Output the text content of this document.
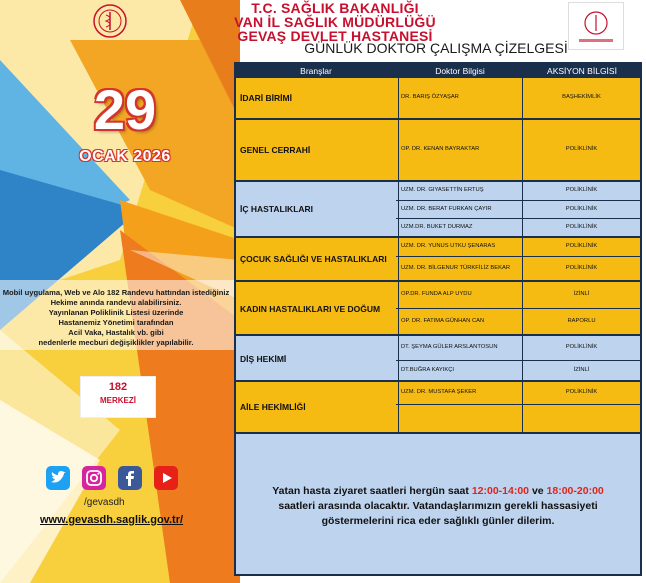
T.C. SAĞLIK BAKANLIĞI
VAN İL SAĞLIK MÜDÜRLÜĞÜ
GEVAŞ DEVLET HASTANESİ
GÜNLÜK DOKTOR ÇALIŞMA ÇİZELGESİ
29
OCAK 2026
Mobil uygulama, Web ve Alo 182 Randevu hattından istediğiniz
Hekime anında randevu alabilirsiniz.
Yayınlanan Poliklinik Listesi üzerinde
Hastanemiz Yönetimi tarafından
Acil Vaka, Hastalık vb. gibi
nedenlerle mecburi değişiklikler yapılabilir.
182
MERKEZİ
/gevasdh
www.gevasdh.saglik.gov.tr/
Branşlar	Doktor Bilgisi	AKSİYON BİLGİSİ
İDARİ BİRİMİ	DR. BARIŞ ÖZYAŞAR	BAŞHEKİMLİK
GENEL CERRAHİ	OP. DR. KENAN BAYRAKTAR	POLİKLİNİK
İÇ HASTALIKLARI
UZM. DR. GIYASETTİN ERTUŞ	POLİKLİNİK
UZM. DR. BERAT FURKAN ÇAYIR	POLİKLİNİK
UZM.DR. BUKET DURMAZ	POLİKLİNİK
ÇOCUK SAĞLIĞI VE HASTALIKLARI
UZM. DR. YUNUS UTKU ŞENARAS	POLİKLİNİK
UZM. DR. BİLGENUR TÜRKFİLİZ BEKAR	POLİKLİNİK
KADIN HASTALIKLARI VE DOĞUM
OP.DR. FUNDA ALP UYDU	İZİNLİ
OP. DR. FATIMA GÜNHAN CAN	RAPORLU
DİŞ HEKİMİ
DT. ŞEYMA GÜLER ARSLANTOSUN	POLİKLİNİK
DT.BUĞRA KAYIKÇI	İZİNLİ
AİLE HEKİMLİĞİ
UZM. DR. MUSTAFA ŞEKER	POLİKLİNİK
Yatan hasta ziyaret saatleri hergün saat 12:00-14:00 ve 18:00-20:00 saatleri arasında olacaktır. Vatandaşlarımızın gerekli hassasiyeti göstermelerini rica eder sağlıklı günler dilerim.
